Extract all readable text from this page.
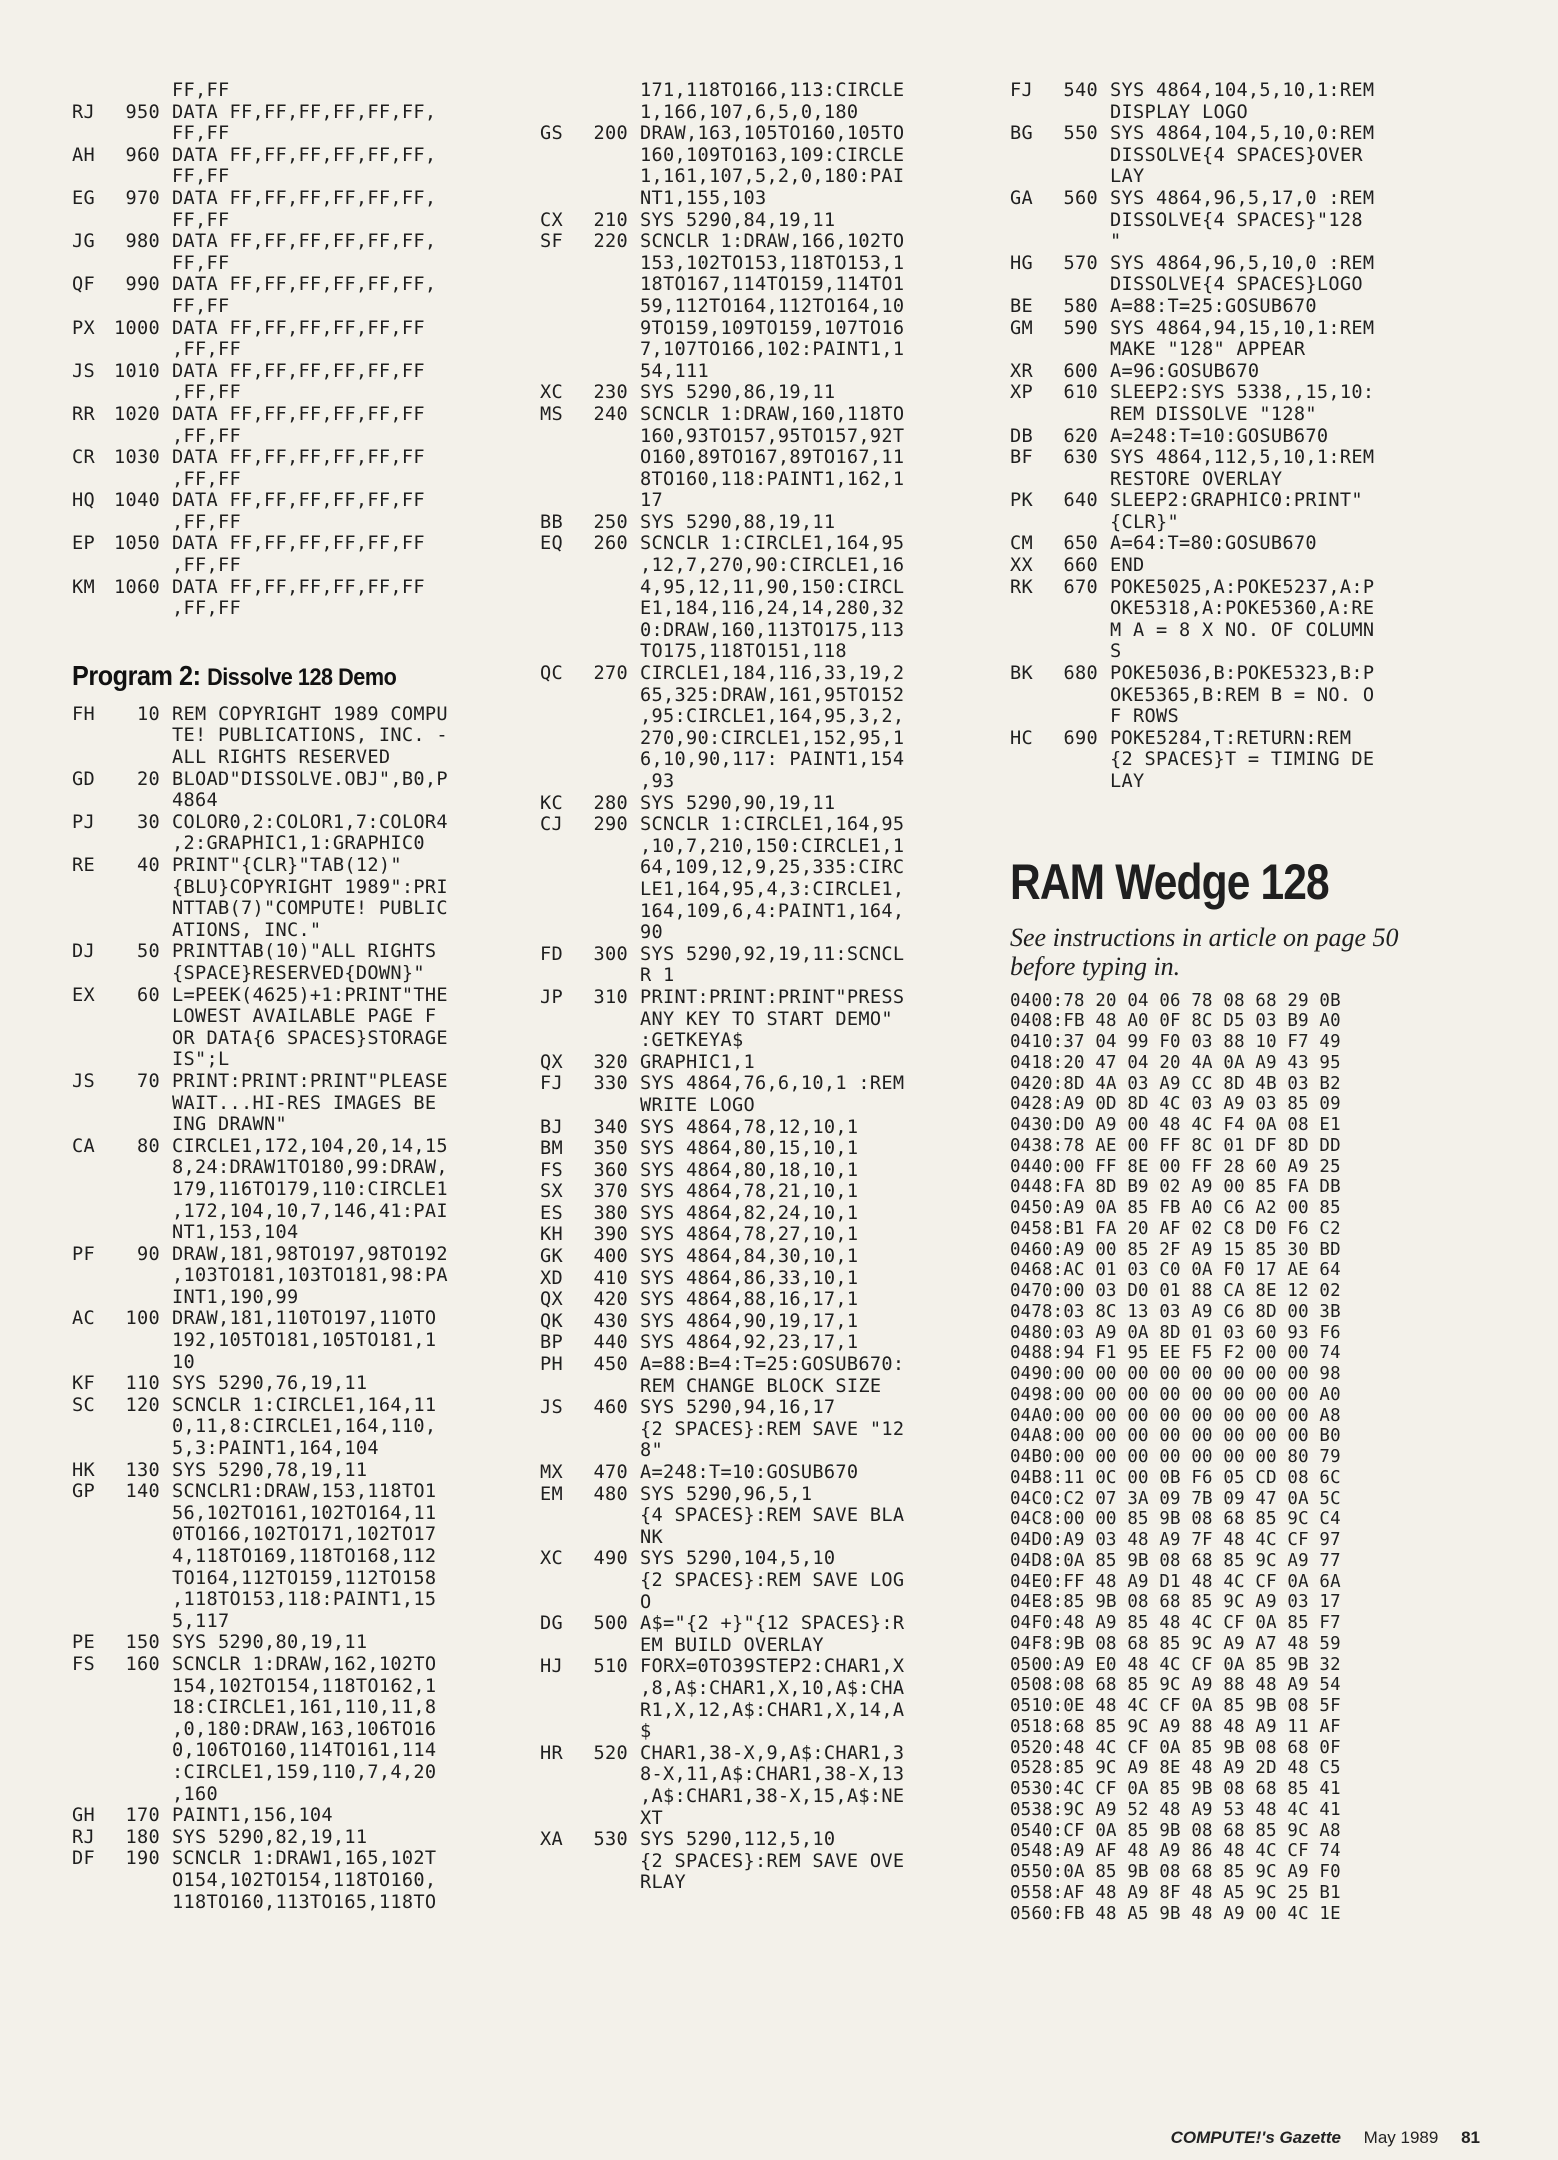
FF,FF
RJ	950 DATA FF,FF,FF,FF,FF,FF,
FF,FF
AH	960 DATA FF,FF,FF,FF,FF,FF,
FF,FF
EG	970 DATA FF,FF,FF,FF,FF,FF,
FF,FF
JG	980 DATA FF,FF,FF,FF,FF,FF,
FF,FF
QF	990 DATA FF,FF,FF,FF,FF,FF,
FF,FF
PX	1000 DATA FF,FF,FF,FF,FF,FF
,FF,FF
JS	1010 DATA FF,FF,FF,FF,FF,FF
,FF,FF
RR	1020 DATA FF,FF,FF,FF,FF,FF
,FF,FF
CR	1030 DATA FF,FF,FF,FF,FF,FF
,FF,FF
HQ	1040 DATA FF,FF,FF,FF,FF,FF
,FF,FF
EP	1050 DATA FF,FF,FF,FF,FF,FF
,FF,FF
KM	1060 DATA FF,FF,FF,FF,FF,FF
,FF,FF
Program 2: Dissolve 128 Demo
FH	10 REM COPYRIGHT 1989 COMPU
TE! PUBLICATIONS, INC. -
ALL RIGHTS RESERVED
GD	20 BLOAD"DISSOLVE.OBJ",B0,P
4864
PJ	30 COLOR0,2:COLOR1,7:COLOR4
,2:GRAPHIC1,1:GRAPHIC0
RE	40 PRINT"{CLR}"TAB(12)"
{BLU}COPYRIGHT 1989":PRI
NTTAB(7)"COMPUTE! PUBLIC
ATIONS, INC."
DJ	50 PRINTTAB(10)"ALL RIGHTS
{SPACE}RESERVED{DOWN}"
EX	60 L=PEEK(4625)+1:PRINT"THE
LOWEST AVAILABLE PAGE F
OR DATA{6 SPACES}STORAGE
IS";L
JS	70 PRINT:PRINT:PRINT"PLEASE
WAIT...HI-RES IMAGES BE
ING DRAWN"
CA	80 CIRCLE1,172,104,20,14,15
8,24:DRAW1TO180,99:DRAW,
179,116TO179,110:CIRCLE1
,172,104,10,7,146,41:PAI
NT1,153,104
PF	90 DRAW,181,98TO197,98TO192
,103TO181,103TO181,98:PA
INT1,190,99
AC	100 DRAW,181,110TO197,110TO
192,105TO181,105TO181,1
10
KF	110 SYS 5290,76,19,11
SC	120 SCNCLR 1:CIRCLE1,164,11
0,11,8:CIRCLE1,164,110,
5,3:PAINT1,164,104
HK	130 SYS 5290,78,19,11
GP	140 SCNCLR1:DRAW,153,118TO1
56,102TO161,102TO164,11
0TO166,102TO171,102TO17
4,118TO169,118TO168,112
TO164,112TO159,112TO158
,118TO153,118:PAINT1,15
5,117
PE	150 SYS 5290,80,19,11
FS	160 SCNCLR 1:DRAW,162,102TO
154,102TO154,118TO162,1
18:CIRCLE1,161,110,11,8
,0,180:DRAW,163,106TO16
0,106TO160,114TO161,114
:CIRCLE1,159,110,7,4,20
,160
GH	170 PAINT1,156,104
RJ	180 SYS 5290,82,19,11
DF	190 SCNCLR 1:DRAW1,165,102T
O154,102TO154,118TO160,
118TO160,113TO165,118TO
171,118TO166,113:CIRCLE
1,166,107,6,5,0,180
GS	200 DRAW,163,105TO160,105TO
160,109TO163,109:CIRCLE
1,161,107,5,2,0,180:PAI
NT1,155,103
CX	210 SYS 5290,84,19,11
SF	220 SCNCLR 1:DRAW,166,102TO
153,102TO153,118TO153,1
18TO167,114TO159,114TO1
59,112TO164,112TO164,10
9TO159,109TO159,107TO16
7,107TO166,102:PAINT1,1
54,111
XC	230 SYS 5290,86,19,11
MS	240 SCNCLR 1:DRAW,160,118TO
160,93TO157,95TO157,92T
O160,89TO167,89TO167,11
8TO160,118:PAINT1,162,1
17
BB	250 SYS 5290,88,19,11
EQ	260 SCNCLR 1:CIRCLE1,164,95
,12,7,270,90:CIRCLE1,16
4,95,12,11,90,150:CIRCL
E1,184,116,24,14,280,32
0:DRAW,160,113TO175,113
TO175,118TO151,118
QC	270 CIRCLE1,184,116,33,19,2
65,325:DRAW,161,95TO152
,95:CIRCLE1,164,95,3,2,
270,90:CIRCLE1,152,95,1
6,10,90,117: PAINT1,154
,93
KC	280 SYS 5290,90,19,11
CJ	290 SCNCLR 1:CIRCLE1,164,95
,10,7,210,150:CIRCLE1,1
64,109,12,9,25,335:CIRC
LE1,164,95,4,3:CIRCLE1,
164,109,6,4:PAINT1,164,
90
FD	300 SYS 5290,92,19,11:SCNCL
R 1
JP	310 PRINT:PRINT:PRINT"PRESS
ANY KEY TO START DEMO"
:GETKEYA$
QX	320 GRAPHIC1,1
FJ	330 SYS 4864,76,6,10,1 :REM
WRITE LOGO
BJ	340 SYS 4864,78,12,10,1
BM	350 SYS 4864,80,15,10,1
FS	360 SYS 4864,80,18,10,1
SX	370 SYS 4864,78,21,10,1
ES	380 SYS 4864,82,24,10,1
KH	390 SYS 4864,78,27,10,1
GK	400 SYS 4864,84,30,10,1
XD	410 SYS 4864,86,33,10,1
QX	420 SYS 4864,88,16,17,1
QK	430 SYS 4864,90,19,17,1
BP	440 SYS 4864,92,23,17,1
PH	450 A=88:B=4:T=25:GOSUB670:
REM CHANGE BLOCK SIZE
JS	460 SYS 5290,94,16,17
{2 SPACES}:REM SAVE "12
8"
MX	470 A=248:T=10:GOSUB670
EM	480 SYS 5290,96,5,1
{4 SPACES}:REM SAVE BLA
NK
XC	490 SYS 5290,104,5,10
{2 SPACES}:REM SAVE LOG
O
DG	500 A$="{2 +}"{12 SPACES}:R
EM BUILD OVERLAY
HJ	510 FORX=0TO39STEP2:CHAR1,X
,8,A$:CHAR1,X,10,A$:CHA
R1,X,12,A$:CHAR1,X,14,A
$
HR	520 CHAR1,38-X,9,A$:CHAR1,3
8-X,11,A$:CHAR1,38-X,13
,A$:CHAR1,38-X,15,A$:NE
XT
XA	530 SYS 5290,112,5,10
{2 SPACES}:REM SAVE OVE
RLAY
FJ	540 SYS 4864,104,5,10,1:REM
DISPLAY LOGO
BG	550 SYS 4864,104,5,10,0:REM
DISSOLVE{4 SPACES}OVER
LAY
GA	560 SYS 4864,96,5,17,0 :REM
DISSOLVE{4 SPACES}"128
"
HG	570 SYS 4864,96,5,10,0 :REM
DISSOLVE{4 SPACES}LOGO
BE	580 A=88:T=25:GOSUB670
GM	590 SYS 4864,94,15,10,1:REM
MAKE "128" APPEAR
XR	600 A=96:GOSUB670
XP	610 SLEEP2:SYS 5338,,15,10:
REM DISSOLVE "128"
DB	620 A=248:T=10:GOSUB670
BF	630 SYS 4864,112,5,10,1:REM
RESTORE OVERLAY
PK	640 SLEEP2:GRAPHIC0:PRINT"
{CLR}"
CM	650 A=64:T=80:GOSUB670
XX	660 END
RK	670 POKE5025,A:POKE5237,A:P
OKE5318,A:POKE5360,A:RE
M A = 8 X NO. OF COLUMN
S
BK	680 POKE5036,B:POKE5323,B:P
OKE5365,B:REM B = NO. O
F ROWS
HC	690 POKE5284,T:RETURN:REM
{2 SPACES}T = TIMING DE
LAY
RAM Wedge 128
See instructions in article on page 50 before typing in.
0400:78 20 04 06 78 08 68 29 0B
0408:FB 48 A0 0F 8C D5 03 B9 A0
0410:37 04 99 F0 03 88 10 F7 49
0418:20 47 04 20 4A 0A A9 43 95
0420:8D 4A 03 A9 CC 8D 4B 03 B2
0428:A9 0D 8D 4C 03 A9 03 85 09
0430:D0 A9 00 48 4C F4 0A 08 E1
0438:78 AE 00 FF 8C 01 DF 8D DD
0440:00 FF 8E 00 FF 28 60 A9 25
0448:FA 8D B9 02 A9 00 85 FA DB
0450:A9 0A 85 FB A0 C6 A2 00 85
0458:B1 FA 20 AF 02 C8 D0 F6 C2
0460:A9 00 85 2F A9 15 85 30 BD
0468:AC 01 03 C0 0A F0 17 AE 64
0470:00 03 D0 01 88 CA 8E 12 02
0478:03 8C 13 03 A9 C6 8D 00 3B
0480:03 A9 0A 8D 01 03 60 93 F6
0488:94 F1 95 EE F5 F2 00 00 74
0490:00 00 00 00 00 00 00 00 98
0498:00 00 00 00 00 00 00 00 A0
04A0:00 00 00 00 00 00 00 00 A8
04A8:00 00 00 00 00 00 00 00 B0
04B0:00 00 00 00 00 00 00 80 79
04B8:11 0C 00 0B F6 05 CD 08 6C
04C0:C2 07 3A 09 7B 09 47 0A 5C
04C8:00 00 85 9B 08 68 85 9C C4
04D0:A9 03 48 A9 7F 48 4C CF 97
04D8:0A 85 9B 08 68 85 9C A9 77
04E0:FF 48 A9 D1 48 4C CF 0A 6A
04E8:85 9B 08 68 85 9C A9 03 17
04F0:48 A9 85 48 4C CF 0A 85 F7
04F8:9B 08 68 85 9C A9 A7 48 59
0500:A9 E0 48 4C CF 0A 85 9B 32
0508:08 68 85 9C A9 88 48 A9 54
0510:0E 48 4C CF 0A 85 9B 08 5F
0518:68 85 9C A9 88 48 A9 11 AF
0520:48 4C CF 0A 85 9B 08 68 0F
0528:85 9C A9 8E 48 A9 2D 48 C5
0530:4C CF 0A 85 9B 08 68 85 41
0538:9C A9 52 48 A9 53 48 4C 41
0540:CF 0A 85 9B 08 68 85 9C A8
0548:A9 AF 48 A9 86 48 4C CF 74
0550:0A 85 9B 08 68 85 9C A9 F0
0558:AF 48 A9 8F 48 A5 9C 25 B1
0560:FB 48 A5 9B 48 A9 00 4C 1E
COMPUTE!'s Gazette May 1989 81
